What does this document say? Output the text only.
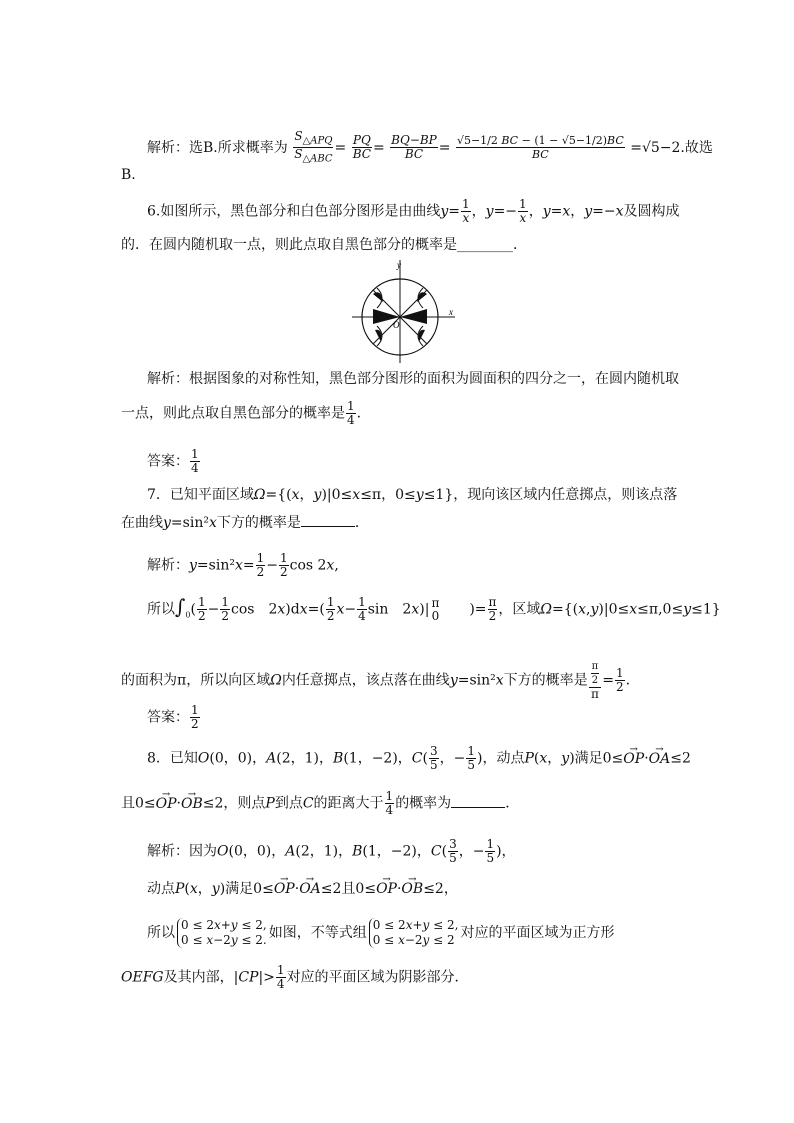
解析：选B.所求概率为 $\frac{S_{\triangle APQ}}{S_{\triangle ABC}} = \frac{PQ}{BC} = \frac{BQ-BP}{BC} = \frac{√5-1/2 BC - (1 - √5-1/2)BC}{BC} =√5-2$.故选
B.
6.如图所示，黑色部分和白色部分图形是由曲线$y= \frac{1}{x}$ ，$y=- \frac{1}{x}$ ，y=x，y=−x及圆构成
的．在圆内随机取一点，则此点取自黑色部分的概率是________．
y
x
O
解析：根据图象的对称性知，黑色部分图形的面积为圆面积的四分之一，在圆内随机取
一点，则此点取自黑色部分的概率是 $\frac{1}{4}$ .
答案： $\frac{1}{4}$
7．已知平面区域Ω={(x，y)|0≤x≤π，0≤y≤1}，现向该区域内任意掷点，则该点落
在曲线y=sin²x下方的概率是	．
解析：$y=\sin^2x= \frac{1}{2} - \frac{1}{2}$ cos 2x,
所以$\int_0( \frac{1}{2} - \frac{1}{2}$ cos　$2x)dx=( \frac{1}{2} x- \frac{1}{4}$ sin　2x)| π
0 　　)= $\frac{\pi}{2}$ ，区域Ω={(x,y)|0≤x≤π,0≤y≤1}
的面积为π，所以向区域Ω内任意掷点，该点落在曲线y=sin²x下方的概率是 $\frac{\frac{\pi}{2}}{\pi} = \frac{1}{2}$ .
答案： $\frac{1}{2}$
8．已知O(0，0)，A(2，1)，B(1，−2)，$C( \frac{3}{5}$ ，− $\frac{1}{5}$ )，动点P(x，y)满足0≤→ OP·→ OA≤2
且0≤→ OP·→ OB≤2，则点P到点C的距离大于 $\frac{1}{4}$ 的概率为	．
解析：因为O(0，0)，A(2，1)，B(1，−2)，$C( \frac{3}{5}$ ，− $\frac{1}{5}$ )，
动点P(x，y)满足0≤→ OP·→ OA≤2且0≤→ OP·→ OB≤2，
所以 0 ≤ 2x+y ≤ 2,
0 ≤ x−2y ≤ 2. 如图，不等式组 0 ≤ 2x+y ≤ 2,
0 ≤ x−2y ≤ 2 对应的平面区域为正方形
OEFG及其内部，$|CP|> \frac{1}{4}$ 对应的平面区域为阴影部分．
